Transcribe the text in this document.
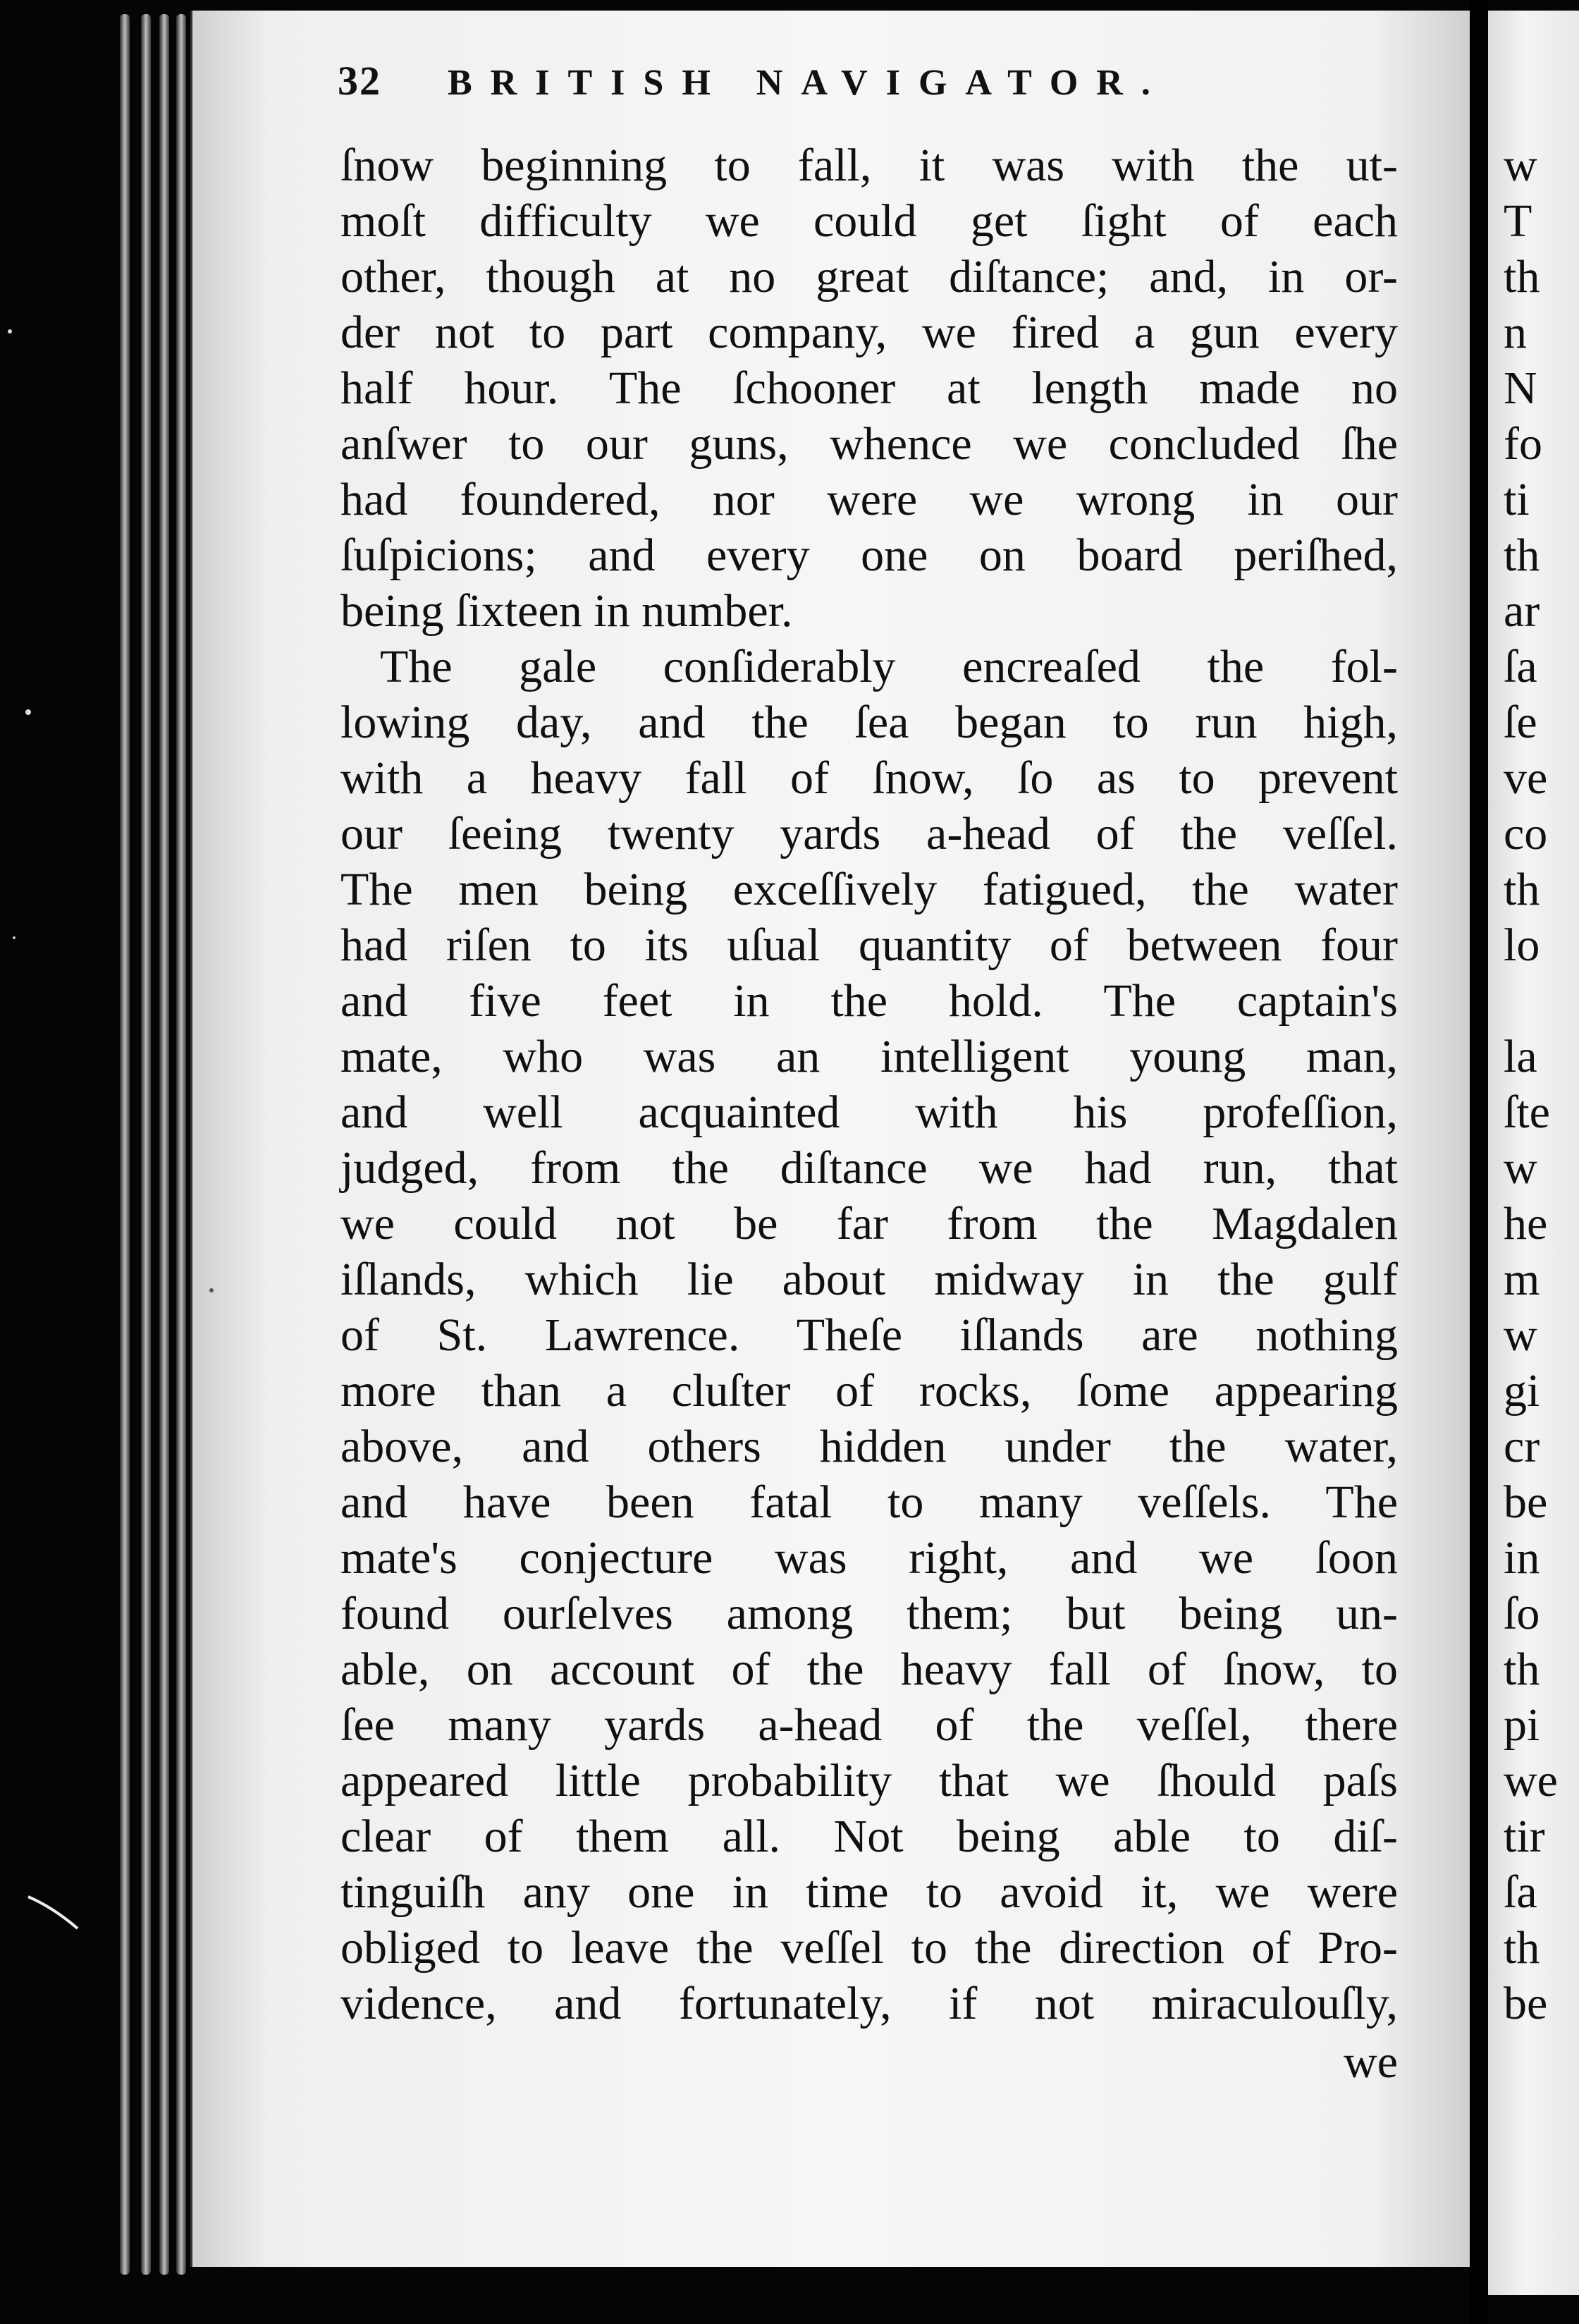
32 BRITISH NAVIGATOR.
ſnow beginning to fall, it was with the ut-
moſt difficulty we could get ſight of each
other, though at no great diſtance; and, in or-
der not to part company, we fired a gun every
half hour. The ſchooner at length made no
anſwer to our guns, whence we concluded ſhe
had foundered, nor were we wrong in our
ſuſpicions; and every one on board periſhed,
being ſixteen in number.
The gale conſiderably encreaſed the fol-
lowing day, and the ſea began to run high,
with a heavy fall of ſnow, ſo as to prevent
our ſeeing twenty yards a-head of the veſſel.
The men being exceſſively fatigued, the water
had riſen to its uſual quantity of between four
and five feet in the hold. The captain's
mate, who was an intelligent young man,
and well acquainted with his profeſſion,
judged, from the diſtance we had run, that
we could not be far from the Magdalen
iſlands, which lie about midway in the gulf
of St. Lawrence. Theſe iſlands are nothing
more than a cluſter of rocks, ſome appearing
above, and others hidden under the water,
and have been fatal to many veſſels. The
mate's conjecture was right, and we ſoon
found ourſelves among them; but being un-
able, on account of the heavy fall of ſnow, to
ſee many yards a-head of the veſſel, there
appeared little probability that we ſhould paſs
clear of them all. Not being able to diſ-
tinguiſh any one in time to avoid it, we were
obliged to leave the veſſel to the direction of Pro-
vidence, and fortunately, if not miraculouſly,
we
w
T
th
n
N
fo
ti
th
ar
ſa
ſe
ve
co
th
lo
la
ſte
w
he
m
w
gi
cr
be
in
ſo
th
pi
we
tir
ſa
th
be
